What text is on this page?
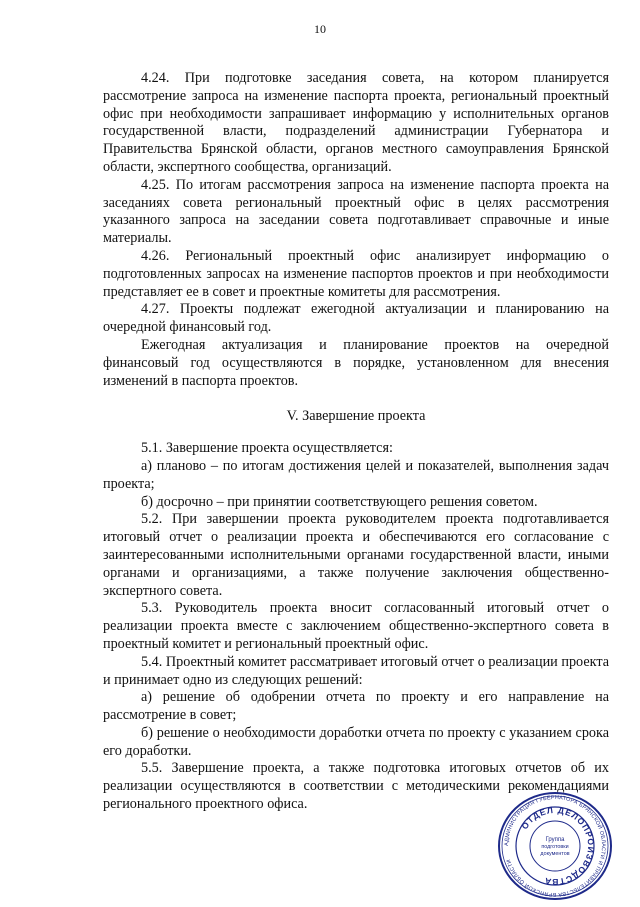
10

4.24. При подготовке заседания совета, на котором планируется рассмотрение запроса на изменение паспорта проекта, региональный проектный офис при необходимости запрашивает информацию у исполнительных органов государственной власти, подразделений администрации Губернатора и Правительства Брянской области, органов местного самоуправления Брянской области, экспертного сообщества, организаций.

4.25. По итогам рассмотрения запроса на изменение паспорта проекта на заседаниях совета региональный проектный офис в целях рассмотрения указанного запроса на заседании совета подготавливает справочные и иные материалы.

4.26. Региональный проектный офис анализирует информацию о подготовленных запросах на изменение паспортов проектов и при необходимости представляет ее в совет и проектные комитеты для рассмотрения.

4.27. Проекты подлежат ежегодной актуализации и планированию на очередной финансовый год.

Ежегодная актуализация и планирование проектов на очередной финансовый год осуществляются в порядке, установленном для внесения изменений в паспорта проектов.

V. Завершение проекта

5.1. Завершение проекта осуществляется:

а) планово – по итогам достижения целей и показателей, выполнения задач проекта;

б) досрочно – при принятии соответствующего решения советом.

5.2. При завершении проекта руководителем проекта подготавливается итоговый отчет о реализации проекта и обеспечиваются его согласование с заинтересованными исполнительными органами государственной власти, иными органами и организациями, а также получение заключения общественно-экспертного совета.

5.3. Руководитель проекта вносит согласованный итоговый отчет о реализации проекта вместе с заключением общественно-экспертного совета в проектный комитет и региональный проектный офис.

5.4. Проектный комитет рассматривает итоговый отчет о реализации проекта и принимает одно из следующих решений:

а) решение об одобрении отчета по проекту и его направление на рассмотрение в совет;

б) решение о необходимости доработки отчета по проекту с указанием срока его доработки.

5.5. Завершение проекта, а также подготовка итоговых отчетов об их реализации осуществляются в соответствии с методическими рекомендациями регионального проектного офиса.

АДМИНИСТРАЦИЯ ГУБЕРНАТОРА БРЯНСКОЙ ОБЛАСТИ И ПРАВИТЕЛЬСТВА БРЯНСКОЙ ОБЛАСТИ
ОТДЕЛ ДЕЛОПРОИЗВОДСТВА
Группа
подготовки
документов
